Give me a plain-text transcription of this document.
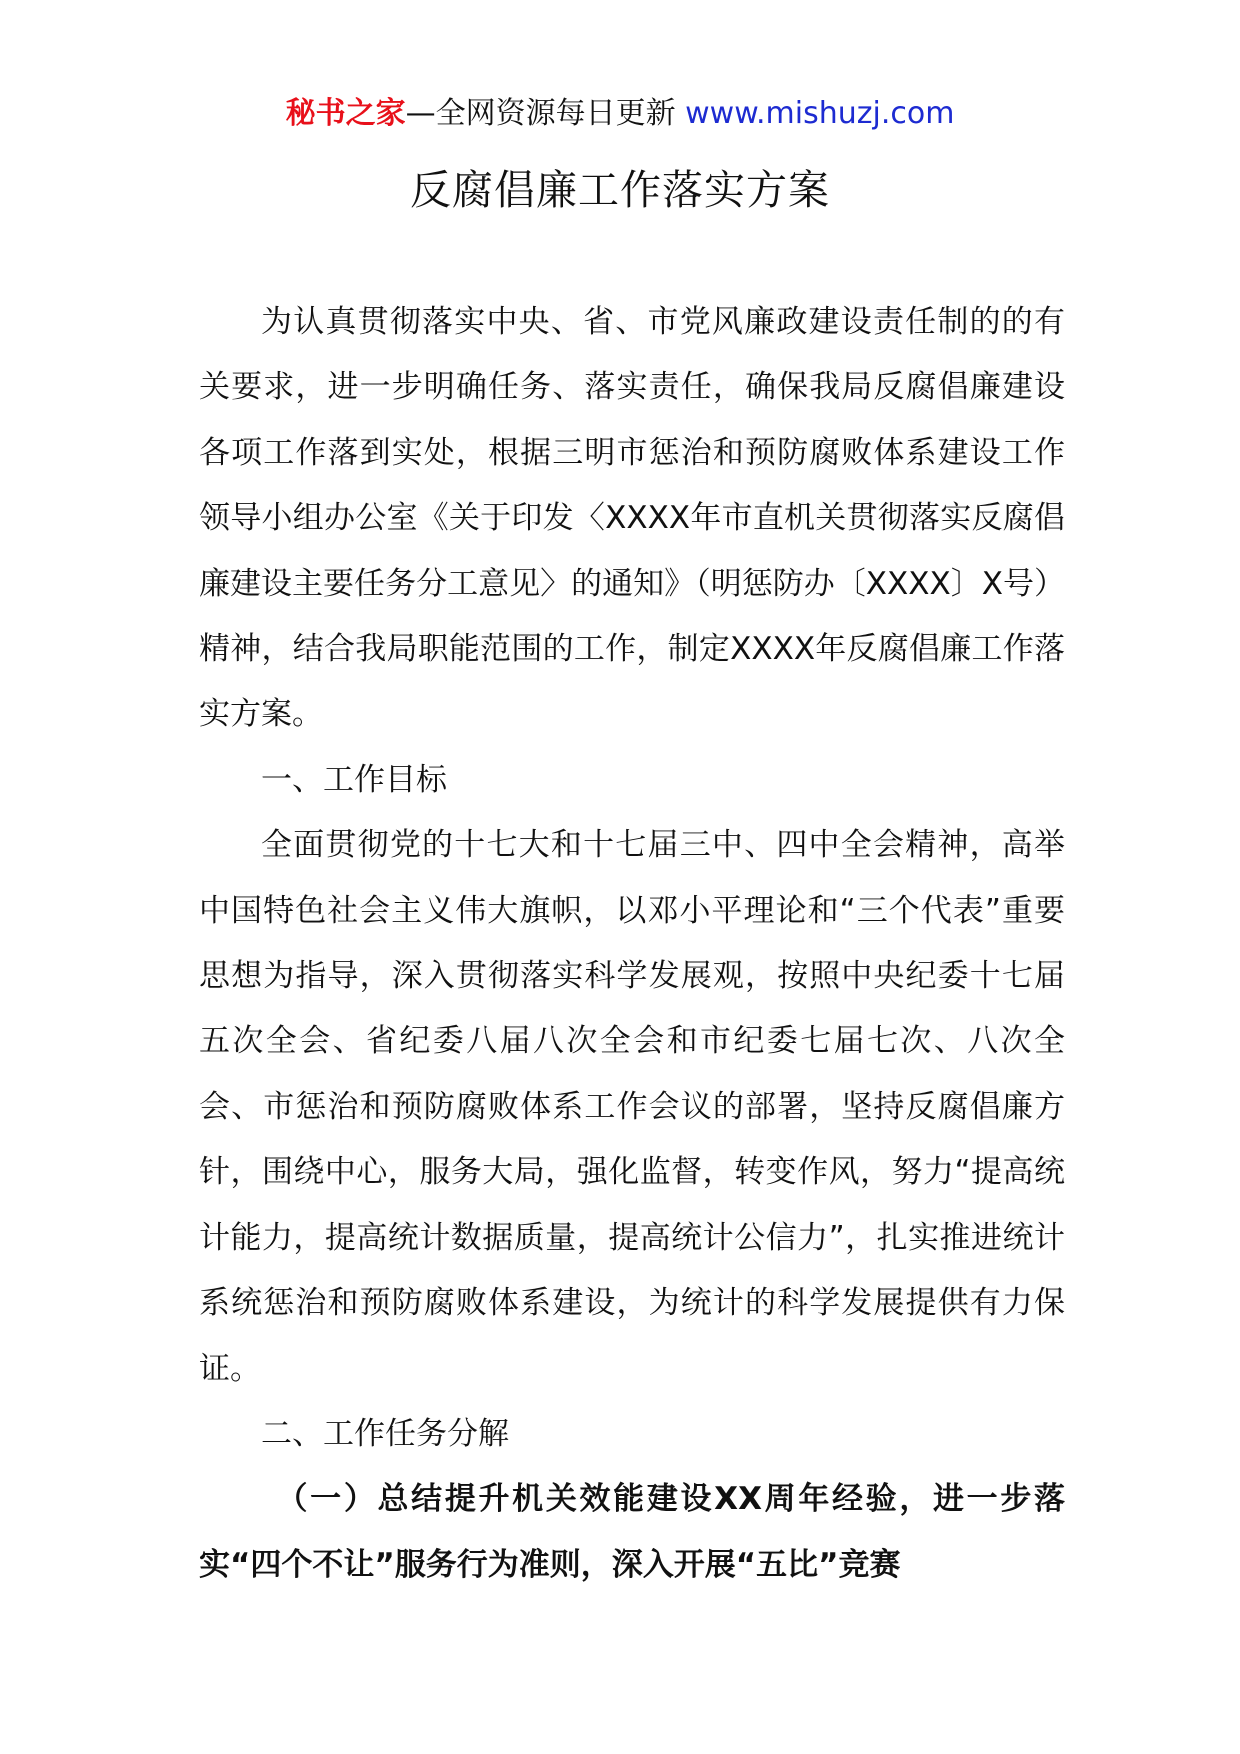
秘书之家—全网资源每日更新 www.mishuzj.com
反腐倡廉工作落实方案

为认真贯彻落实中央、省、市党风廉政建设责任制的的有关要求，进一步明确任务、落实责任，确保我局反腐倡廉建设各项工作落到实处，根据三明市惩治和预防腐败体系建设工作领导小组办公室《关于印发〈XXXX年市直机关贯彻落实反腐倡廉建设主要任务分工意见〉的通知》（明惩防办〔XXXX〕X号）精神，结合我局职能范围的工作，制定XXXX年反腐倡廉工作落实方案。

一、工作目标

全面贯彻党的十七大和十七届三中、四中全会精神，高举中国特色社会主义伟大旗帜，以邓小平理论和“三个代表”重要思想为指导，深入贯彻落实科学发展观，按照中央纪委十七届五次全会、省纪委八届八次全会和市纪委七届七次、八次全会、市惩治和预防腐败体系工作会议的部署，坚持反腐倡廉方针，围绕中心，服务大局，强化监督，转变作风，努力“提高统计能力，提高统计数据质量，提高统计公信力”，扎实推进统计系统惩治和预防腐败体系建设，为统计的科学发展提供有力保证。

二、工作任务分解

（一）总结提升机关效能建设XX周年经验，进一步落实“四个不让”服务行为准则，深入开展“五比”竞赛
